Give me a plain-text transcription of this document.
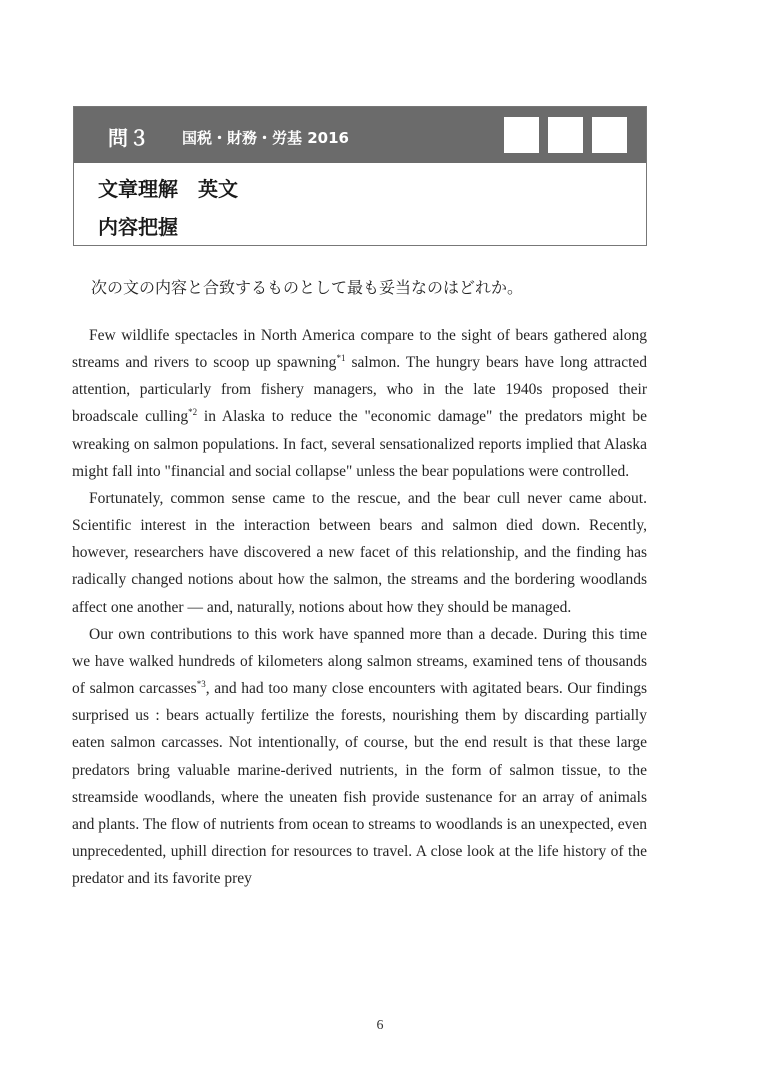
問３ 国税・財務・労基 2016
文章理解　英文
内容把握
次の文の内容と合致するものとして最も妥当なのはどれか。

Few wildlife spectacles in North America compare to the sight of bears gathered along streams and rivers to scoop up spawning$^{*1}$ salmon. The hungry bears have long attracted attention, particularly from fishery managers, who in the late 1940s proposed their broadscale culling$^{*2}$ in Alaska to reduce the "economic damage" the predators might be wreaking on salmon populations. In fact, several sensationalized reports implied that Alaska might fall into "financial and social collapse" unless the bear populations were controlled.

Fortunately, common sense came to the rescue, and the bear cull never came about. Scientific interest in the interaction between bears and salmon died down. Recently, however, researchers have discovered a new facet of this relationship, and the finding has radically changed notions about how the salmon, the streams and the bordering woodlands affect one another ― and, naturally, notions about how they should be managed.

Our own contributions to this work have spanned more than a decade. During this time we have walked hundreds of kilometers along salmon streams, examined tens of thousands of salmon carcasses$^{*3}$, and had too many close encounters with agitated bears. Our findings surprised us : bears actually fertilize the forests, nourishing them by discarding partially eaten salmon carcasses. Not intentionally, of course, but the end result is that these large predators bring valuable marine-derived nutrients, in the form of salmon tissue, to the streamside woodlands, where the uneaten fish provide sustenance for an array of animals and plants. The flow of nutrients from ocean to streams to woodlands is an unexpected, even unprecedented, uphill direction for resources to travel. A close look at the life history of the predator and its favorite prey

6
